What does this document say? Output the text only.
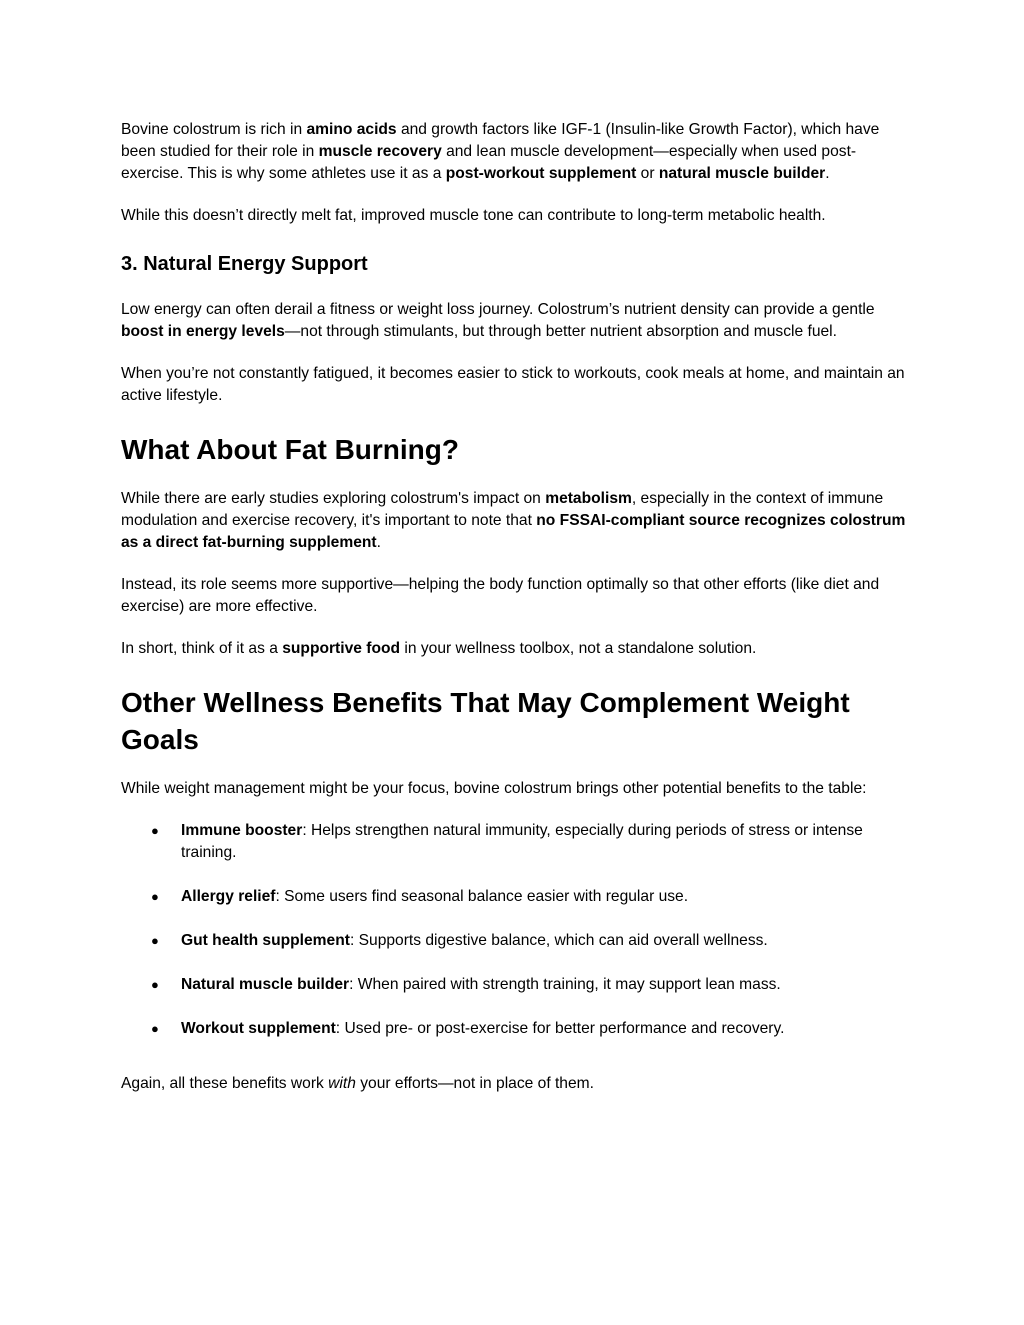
Bovine colostrum is rich in amino acids and growth factors like IGF-1 (Insulin-like Growth Factor), which have been studied for their role in muscle recovery and lean muscle development—especially when used post-exercise. This is why some athletes use it as a post-workout supplement or natural muscle builder.

While this doesn’t directly melt fat, improved muscle tone can contribute to long-term metabolic health.

3. Natural Energy Support

Low energy can often derail a fitness or weight loss journey. Colostrum’s nutrient density can provide a gentle boost in energy levels—not through stimulants, but through better nutrient absorption and muscle fuel.

When you’re not constantly fatigued, it becomes easier to stick to workouts, cook meals at home, and maintain an active lifestyle.

What About Fat Burning?

While there are early studies exploring colostrum's impact on metabolism, especially in the context of immune modulation and exercise recovery, it's important to note that no FSSAI-compliant source recognizes colostrum as a direct fat-burning supplement.

Instead, its role seems more supportive—helping the body function optimally so that other efforts (like diet and exercise) are more effective.

In short, think of it as a supportive food in your wellness toolbox, not a standalone solution.

Other Wellness Benefits That May Complement Weight Goals

While weight management might be your focus, bovine colostrum brings other potential benefits to the table:

● Immune booster: Helps strengthen natural immunity, especially during periods of stress or intense training.
● Allergy relief: Some users find seasonal balance easier with regular use.
● Gut health supplement: Supports digestive balance, which can aid overall wellness.
● Natural muscle builder: When paired with strength training, it may support lean mass.
● Workout supplement: Used pre- or post-exercise for better performance and recovery.

Again, all these benefits work with your efforts—not in place of them.
